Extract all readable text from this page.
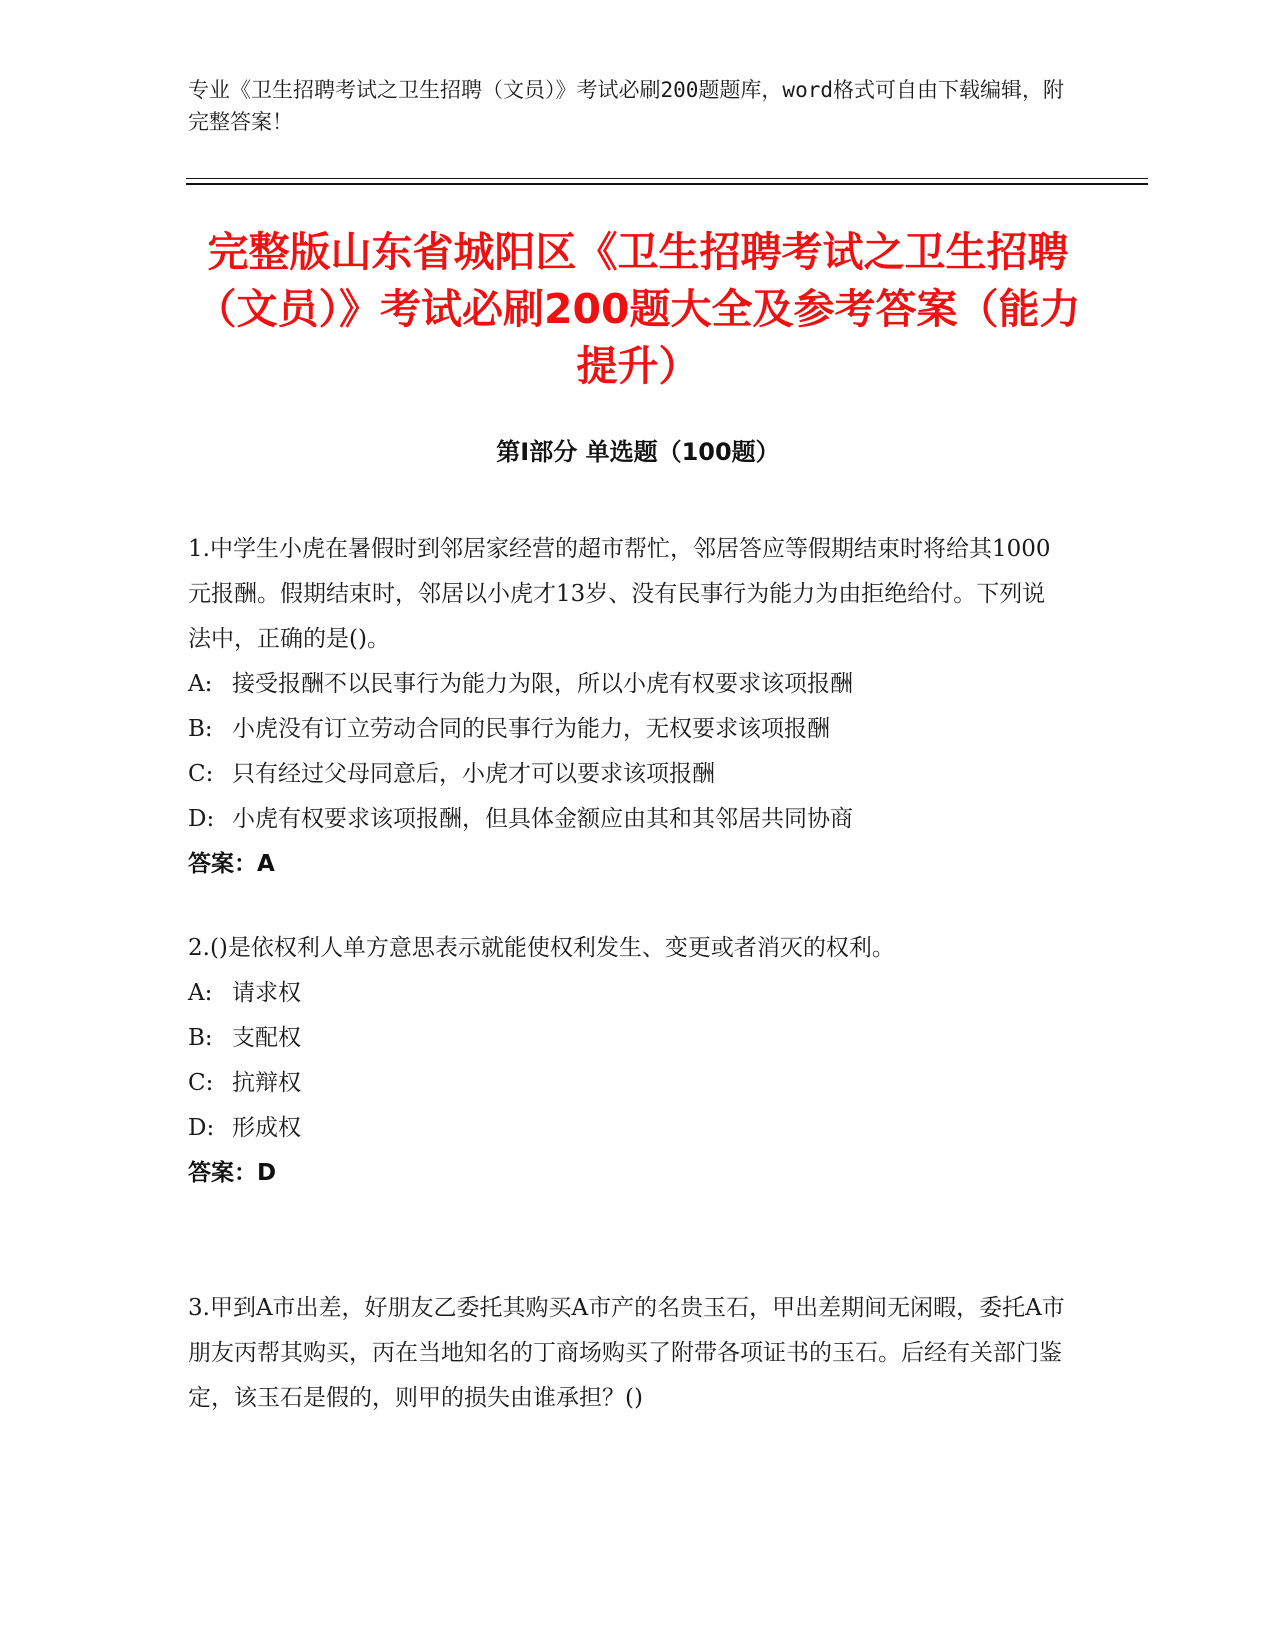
专业《卫生招聘考试之卫生招聘（文员）》考试必刷200题题库，word格式可自由下载编辑，附完整答案！
完整版山东省城阳区《卫生招聘考试之卫生招聘（文员）》考试必刷200题大全及参考答案（能力提升）
第I部分 单选题（100题）

1.中学生小虎在暑假时到邻居家经营的超市帮忙，邻居答应等假期结束时将给其1000元报酬。假期结束时，邻居以小虎才13岁、没有民事行为能力为由拒绝给付。下列说法中，正确的是()。

A: 接受报酬不以民事行为能力为限，所以小虎有权要求该项报酬

B: 小虎没有订立劳动合同的民事行为能力，无权要求该项报酬

C: 只有经过父母同意后，小虎才可以要求该项报酬

D: 小虎有权要求该项报酬，但具体金额应由其和其邻居共同协商

答案：A

2.()是依权利人单方意思表示就能使权利发生、变更或者消灭的权利。

A: 请求权

B: 支配权

C: 抗辩权

D: 形成权

答案：D

3.甲到A市出差，好朋友乙委托其购买A市产的名贵玉石，甲出差期间无闲暇，委托A市朋友丙帮其购买，丙在当地知名的丁商场购买了附带各项证书的玉石。后经有关部门鉴定，该玉石是假的，则甲的损失由谁承担？()
